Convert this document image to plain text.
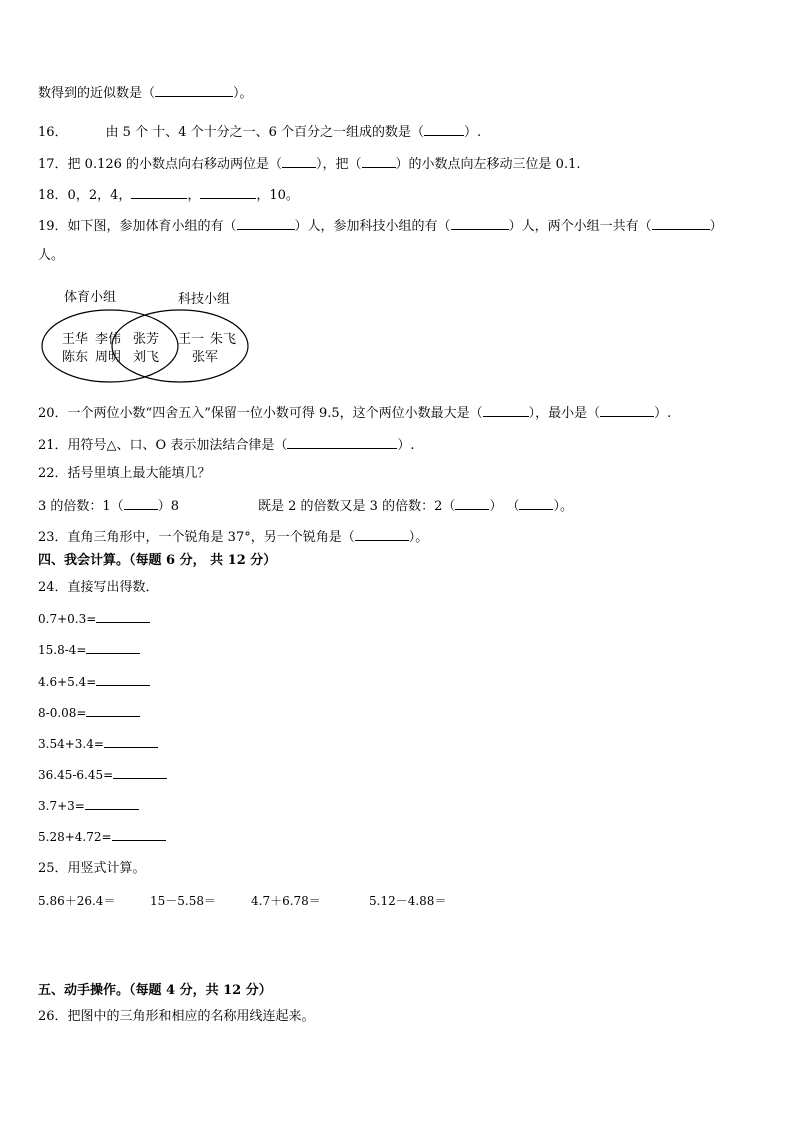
数得到的近似数是（	）。
16．	由 5 个 十、4 个十分之一、6 个百分之一组成的数是（	）.
17．把 0.126 的小数点向右移动两位是（	），把（	）的小数点向左移动三位是 0.1.
18．0，2，4，	，	，10。
19．如下图，参加体育小组的有（	）人，参加科技小组的有（	）人，两个小组一共有（	）
人。
体育小组	科技小组
王华 李伟
陈东 周明
张芳
刘飞
王一 朱飞
张军
20．一个两位小数“四舍五入”保留一位小数可得 9.5，这个两位小数最大是（	），最小是（	）.
21．用符号△、口、O 表示加法结合律是（	）.
22．括号里填上最大能填几？
3 的倍数：1（	）8	既是 2 的倍数又是 3 的倍数：2（	） （	）。
23．直角三角形中，一个锐角是 37°，另一个锐角是（	）。
四、我会计算。（每题 6 分， 共 12 分）
24．直接写出得数．
0.7+0.3=
15.8-4=
4.6+5.4=
8-0.08=
3.54+3.4=
36.45-6.45=
3.7+3=
5.28+4.72=
25．用竖式计算。
5.86＋26.4＝	15－5.58＝	4.7＋6.78＝	5.12－4.88＝
五、动手操作。（每题 4 分，共 12 分）
26．把图中的三角形和相应的名称用线连起来。
